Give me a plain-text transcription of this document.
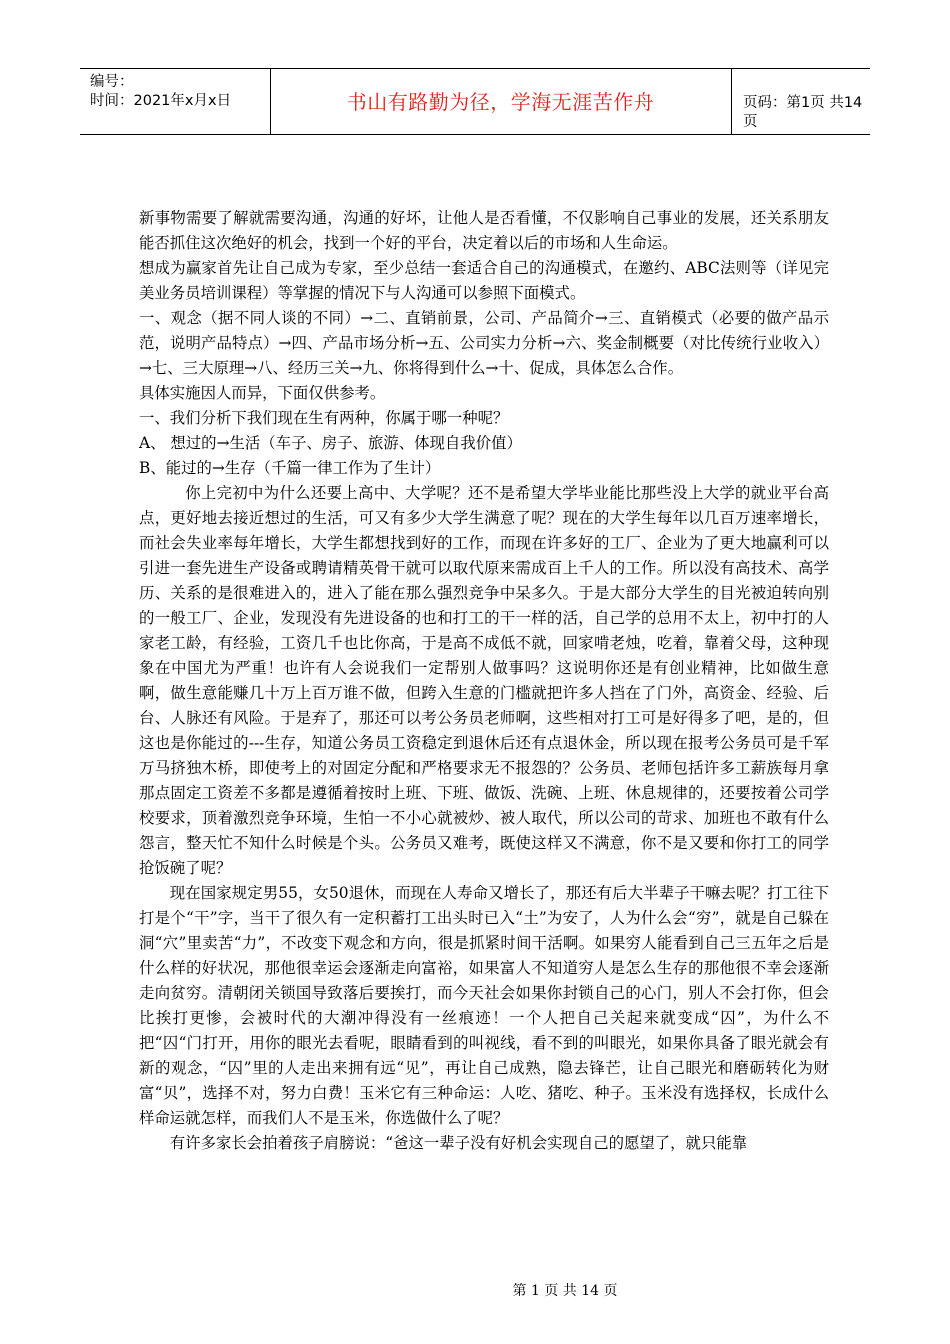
编号：
时间：2021年x月x日	书山有路勤为径，学海无涯苦作舟	页码：第1页 共14页

新事物需要了解就需要沟通，沟通的好坏，让他人是否看懂，不仅影响自己事业的发展，还关系朋友能否抓住这次绝好的机会，找到一个好的平台，决定着以后的市场和人生命运。

想成为赢家首先让自己成为专家，至少总结一套适合自己的沟通模式，在邀约、ABC法则等（详见完美业务员培训课程）等掌握的情况下与人沟通可以参照下面模式。

一、观念（据不同人谈的不同）→二、直销前景，公司、产品简介→三、直销模式（必要的做产品示范，说明产品特点）→四、产品市场分析→五、公司实力分析→六、奖金制概要（对比传统行业收入）→七、三大原理→八、经历三关→九、你将得到什么→十、促成，具体怎么合作。

具体实施因人而异，下面仅供参考。

一、我们分析下我们现在生有两种，你属于哪一种呢？

A、 想过的→生活（车子、房子、旅游、体现自我价值）

B、能过的→生存（千篇一律工作为了生计）

你上完初中为什么还要上高中、大学呢？还不是希望大学毕业能比那些没上大学的就业平台高点，更好地去接近想过的生活，可又有多少大学生满意了呢？现在的大学生每年以几百万速率增长，而社会失业率每年增长，大学生都想找到好的工作，而现在许多好的工厂、企业为了更大地赢利可以引进一套先进生产设备或聘请精英骨干就可以取代原来需成百上千人的工作。所以没有高技术、高学历、关系的是很难进入的，进入了能在那么强烈竞争中呆多久。于是大部分大学生的目光被迫转向别的一般工厂、企业，发现没有先进设备的也和打工的干一样的活，自己学的总用不太上，初中打的人家老工龄，有经验，工资几千也比你高，于是高不成低不就，回家啃老烛，吃着，靠着父母，这种现象在中国尤为严重！也许有人会说我们一定帮别人做事吗？这说明你还是有创业精神，比如做生意啊，做生意能赚几十万上百万谁不做，但跨入生意的门槛就把许多人挡在了门外，高资金、经验、后台、人脉还有风险。于是弃了，那还可以考公务员老师啊，这些相对打工可是好得多了吧，是的，但这也是你能过的---生存，知道公务员工资稳定到退休后还有点退休金，所以现在报考公务员可是千军万马挤独木桥，即使考上的对固定分配和严格要求无不报怨的？公务员、老师包括许多工薪族每月拿那点固定工资差不多都是遵循着按时上班、下班、做饭、洗碗、上班、休息规律的，还要按着公司学校要求，顶着激烈竞争环境，生怕一不小心就被炒、被人取代，所以公司的苛求、加班也不敢有什么怨言，整天忙不知什么时候是个头。公务员又难考，既使这样又不满意，你不是又要和你打工的同学抢饭碗了呢？

现在国家规定男55，女50退休，而现在人寿命又增长了，那还有后大半辈子干嘛去呢？打工往下打是个“干”字，当干了很久有一定积蓄打工出头时已入“土”为安了，人为什么会“穷”，就是自己躲在洞“穴”里卖苦“力”，不改变下观念和方向，很是抓紧时间干活啊。如果穷人能看到自己三五年之后是什么样的好状况，那他很幸运会逐渐走向富裕，如果富人不知道穷人是怎么生存的那他很不幸会逐渐走向贫穷。清朝闭关锁国导致落后要挨打，而今天社会如果你封锁自己的心门，别人不会打你，但会比挨打更惨，会被时代的大潮冲得没有一丝痕迹！一个人把自己关起来就变成“囚”，为什么不把“囚“门打开，用你的眼光去看呢，眼睛看到的叫视线，看不到的叫眼光，如果你具备了眼光就会有新的观念，“囚”里的人走出来拥有远“见”，再让自己成熟，隐去锋芒，让自己眼光和磨砺转化为财富“贝”，选择不对，努力白费！玉米它有三种命运：人吃、猪吃、种子。玉米没有选择权，长成什么样命运就怎样，而我们人不是玉米，你选做什么了呢？

有许多家长会拍着孩子肩膀说：“爸这一辈子没有好机会实现自己的愿望了，就只能靠

第 1 页 共 14 页
